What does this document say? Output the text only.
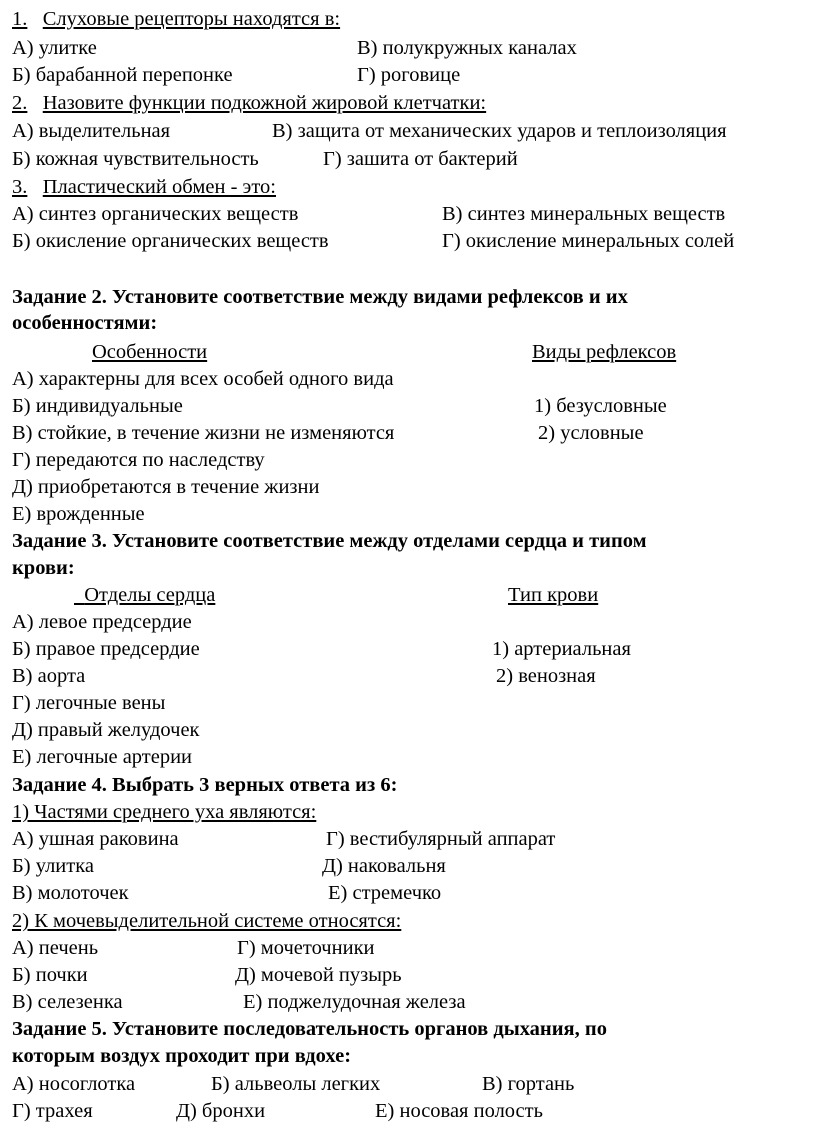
1. Слуховые рецепторы находятся в:
А) улитке	В) полукружных каналах
Б) барабанной перепонке	Г) роговице
2. Назовите функции подкожной жировой клетчатки:
А) выделительная	В) защита от механических ударов и теплоизоляция
Б) кожная чувствительность	Г) зашита от бактерий
3. Пластический обмен - это:
А) синтез органических веществ	В) синтез минеральных веществ
Б) окисление органических веществ	Г) окисление минеральных солей
Задание 2. Установите соответствие между видами рефлексов и их
особенностями:
Особенности	Виды рефлексов
А) характерны для всех особей одного вида
Б) индивидуальные	1) безусловные
В) стойкие, в течение жизни не изменяются	2) условные
Г) передаются по наследству
Д) приобретаются в течение жизни
Е) врожденные
Задание 3. Установите соответствие между отделами сердца и типом
крови:
Отделы сердца	Тип крови
А) левое предсердие
Б) правое предсердие	1) артериальная
В) аорта	2) венозная
Г) легочные вены
Д) правый желудочек
Е) легочные артерии
Задание 4. Выбрать 3 верных ответа из 6:
1) Частями среднего уха являются:
А) ушная раковина	Г) вестибулярный аппарат
Б) улитка	Д) наковальня
В) молоточек	Е) стремечко
2) К мочевыделительной системе относятся:
А) печень	Г) мочеточники
Б) почки	Д) мочевой пузырь
В) селезенка	Е) поджелудочная железа
Задание 5. Установите последовательность органов дыхания, по
которым воздух проходит при вдохе:
А) носоглотка	Б) альвеолы легких	В) гортань
Г) трахея	Д) бронхи	Е) носовая полость
